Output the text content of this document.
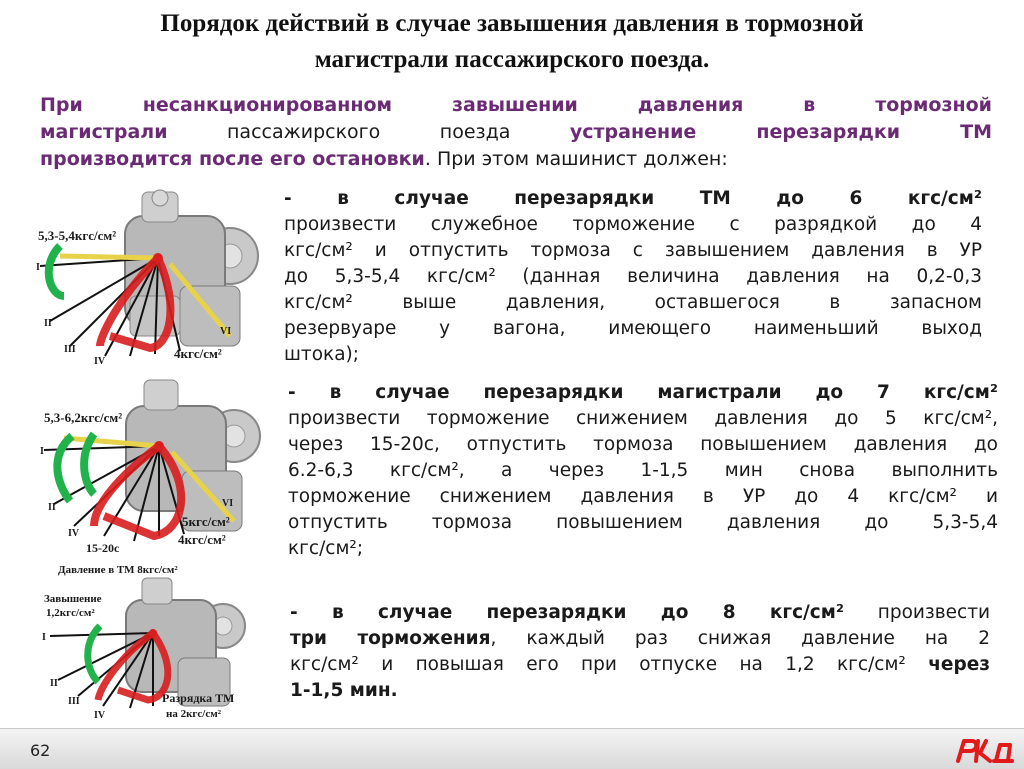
Порядок действий в случае завышения давления в тормозной
магистрали пассажирского поезда.
При несанкционированном завышении давления в тормозной
магистрали пассажирского поезда устранение перезарядки ТМ
производится после его остановки. При этом машинист должен:
- в случае перезарядки ТМ до 6 кгс/см²
произвести служебное торможение с разрядкой до 4
кгс/см² и отпустить тормоза с завышением давления в УР
до 5,3-5,4 кгс/см² (данная величина давления на 0,2-0,3
кгс/см² выше давления, оставшегося в запасном
резервуаре у вагона, имеющего наименьший выход
штока);
- в случае перезарядки магистрали до 7 кгс/см²
произвести торможение снижением давления до 5 кгс/см²,
через 15-20с, отпустить тормоза повышением давления до
6.2-6,3 кгс/см², а через 1-1,5 мин снова выполнить
торможение снижением давления в УР до 4 кгс/см² и
отпустить тормоза повышением давления до 5,3-5,4
кгс/см²;
- в случае перезарядки до 8 кгс/см² произвести
три торможения, каждый раз снижая давление на 2
кгс/см² и повышая его при отпуске на 1,2 кгс/см² через
1-1,5 мин.
5,3-5,4кгс/см²
4кгс/см²
I
II
III
IV
VI
5,3-6,2кгс/см²
5кгс/см²
4кгс/см²
15-20с
I
II
IV
VI
Давление в ТМ 8кгс/см²
Завышение
1,2кгс/см²
Разрядка ТМ
на 2кгс/см²
I
II
III
IV
62
